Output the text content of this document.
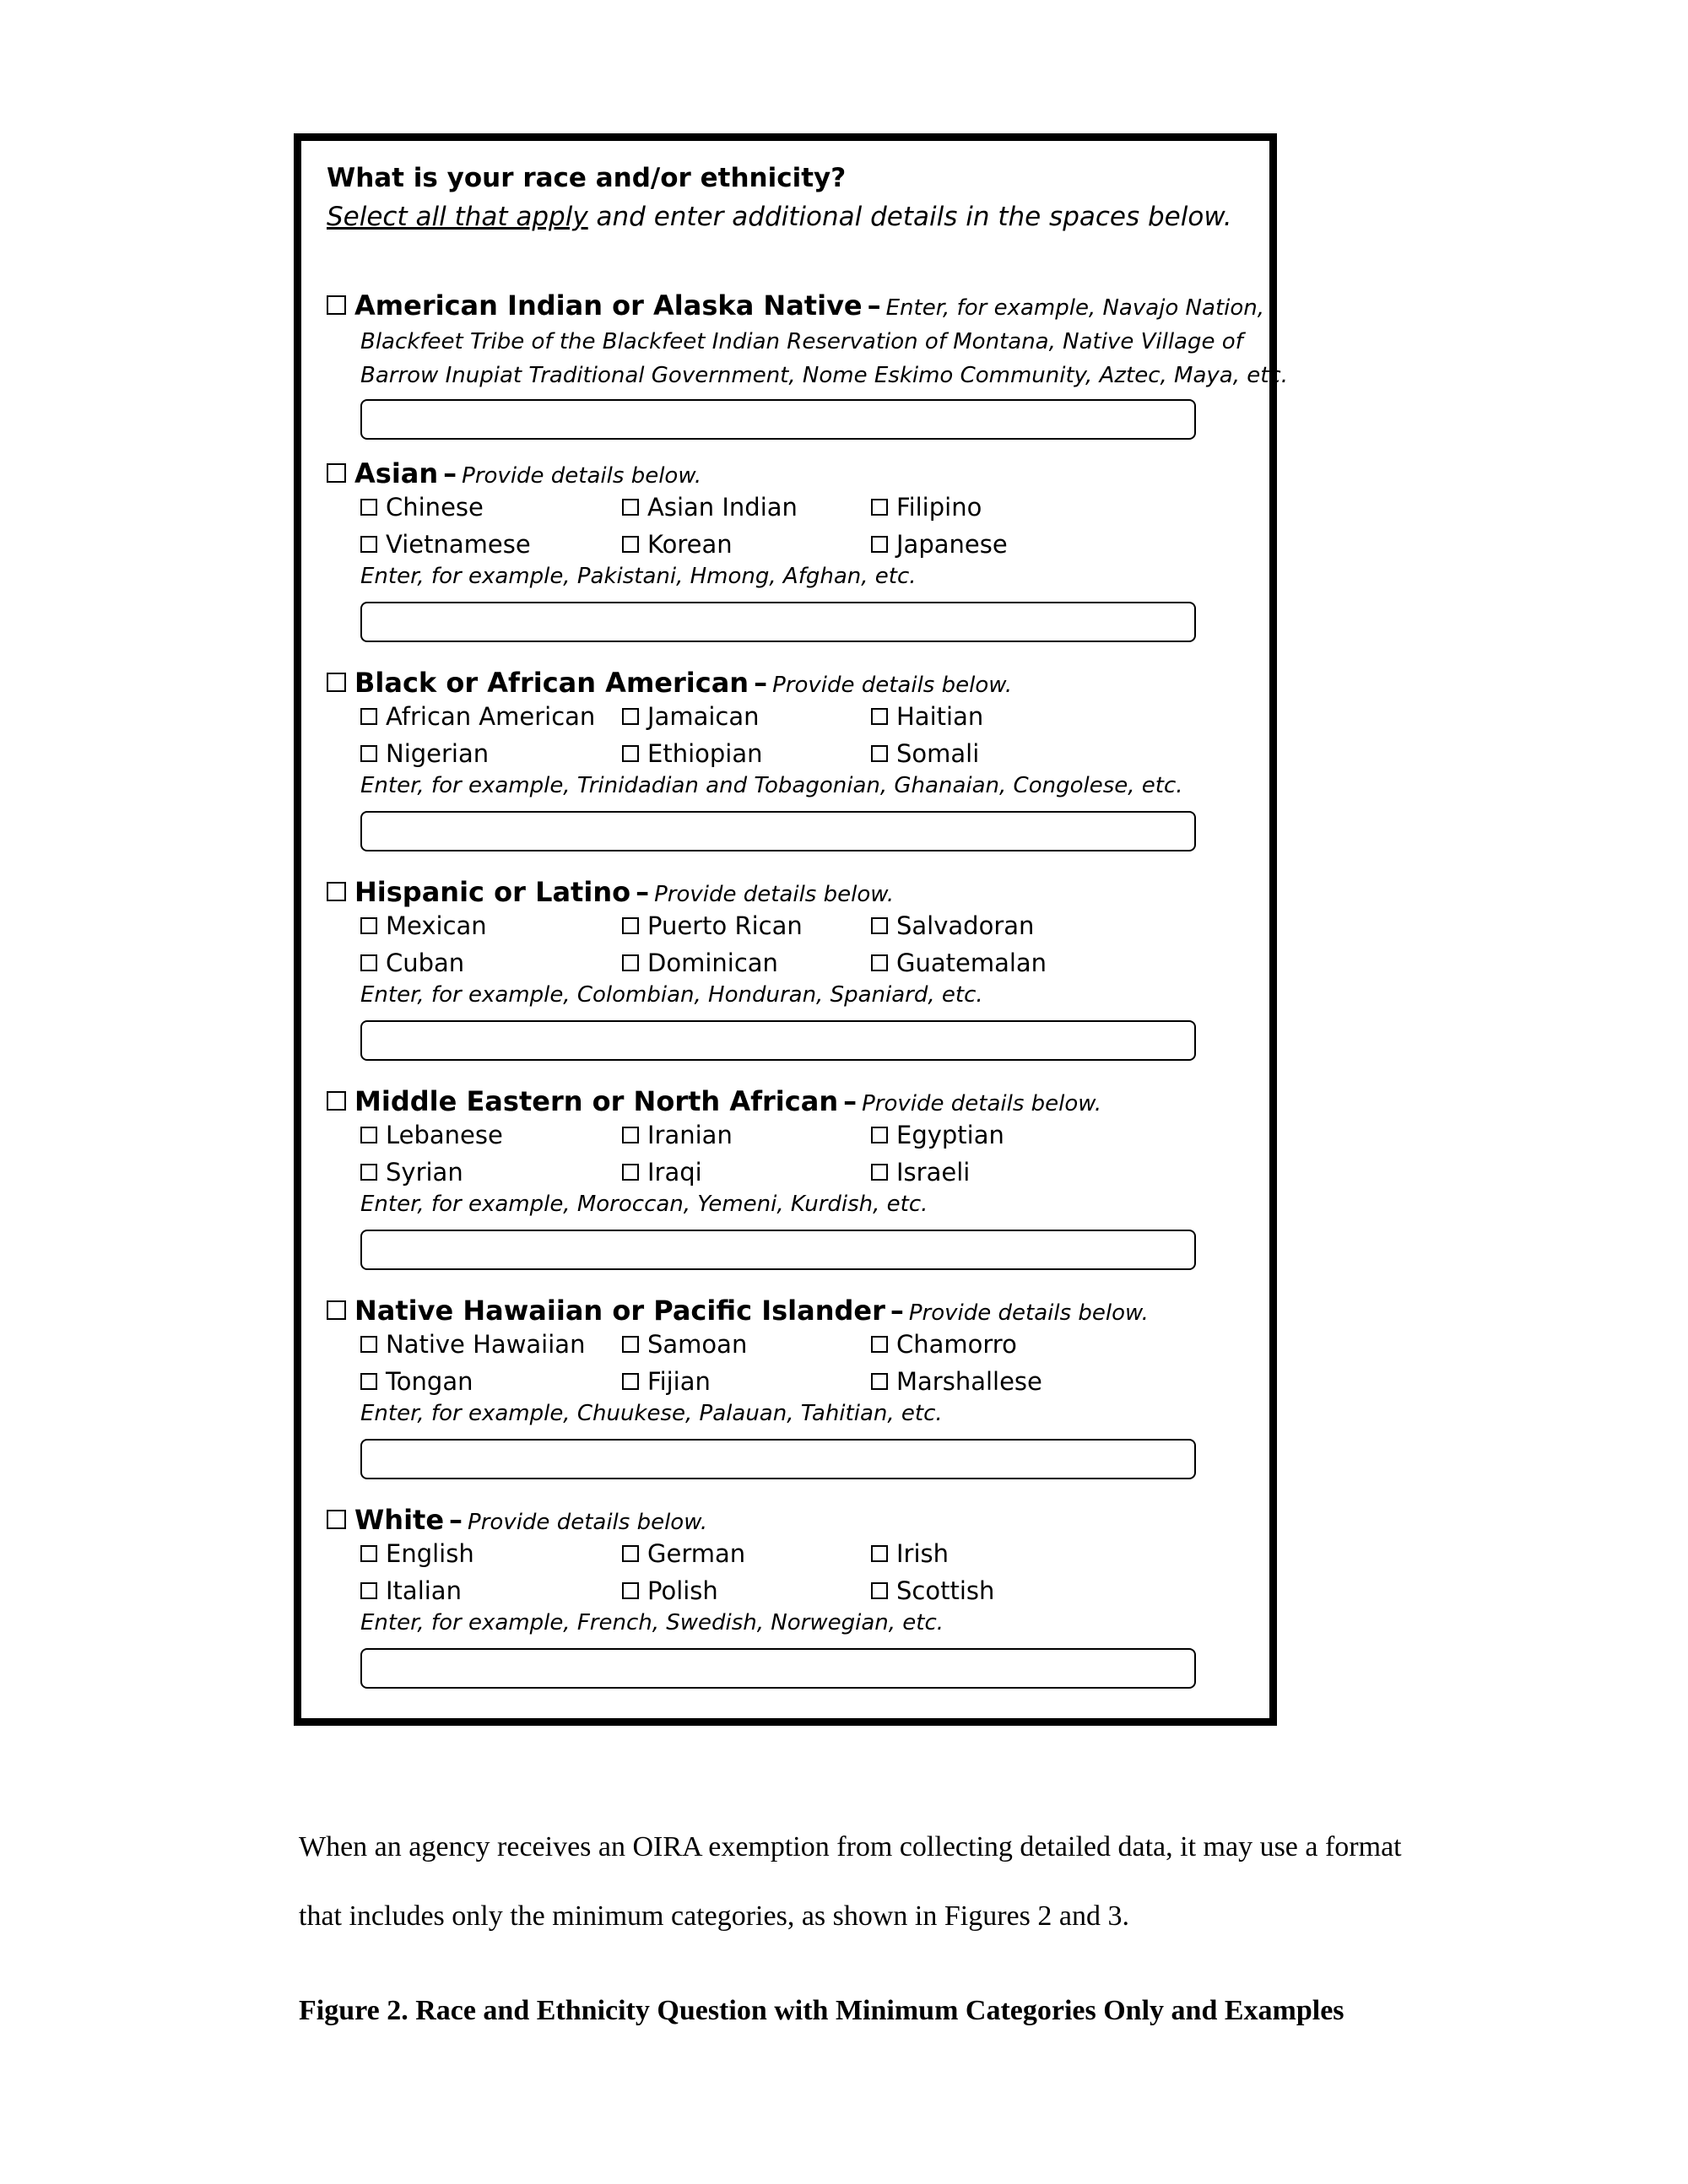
What is your race and/or ethnicity?
Select all that apply and enter additional details in the spaces below.
American Indian or Alaska Native – Enter, for example, Navajo Nation,
Blackfeet Tribe of the Blackfeet Indian Reservation of Montana, Native Village of
Barrow Inupiat Traditional Government, Nome Eskimo Community, Aztec, Maya, etc.
Asian – Provide details below.
Chinese	Asian Indian	Filipino
Vietnamese	Korean	Japanese
Enter, for example, Pakistani, Hmong, Afghan, etc.
Black or African American – Provide details below.
African American	Jamaican	Haitian
Nigerian	Ethiopian	Somali
Enter, for example, Trinidadian and Tobagonian, Ghanaian, Congolese, etc.
Hispanic or Latino – Provide details below.
Mexican	Puerto Rican	Salvadoran
Cuban	Dominican	Guatemalan
Enter, for example, Colombian, Honduran, Spaniard, etc.
Middle Eastern or North African – Provide details below.
Lebanese	Iranian	Egyptian
Syrian	Iraqi	Israeli
Enter, for example, Moroccan, Yemeni, Kurdish, etc.
Native Hawaiian or Pacific Islander – Provide details below.
Native Hawaiian	Samoan	Chamorro
Tongan	Fijian	Marshallese
Enter, for example, Chuukese, Palauan, Tahitian, etc.
White – Provide details below.
English	German	Irish
Italian	Polish	Scottish
Enter, for example, French, Swedish, Norwegian, etc.
When an agency receives an OIRA exemption from collecting detailed data, it may use a format
that includes only the minimum categories, as shown in Figures 2 and 3.
Figure 2. Race and Ethnicity Question with Minimum Categories Only and Examples
